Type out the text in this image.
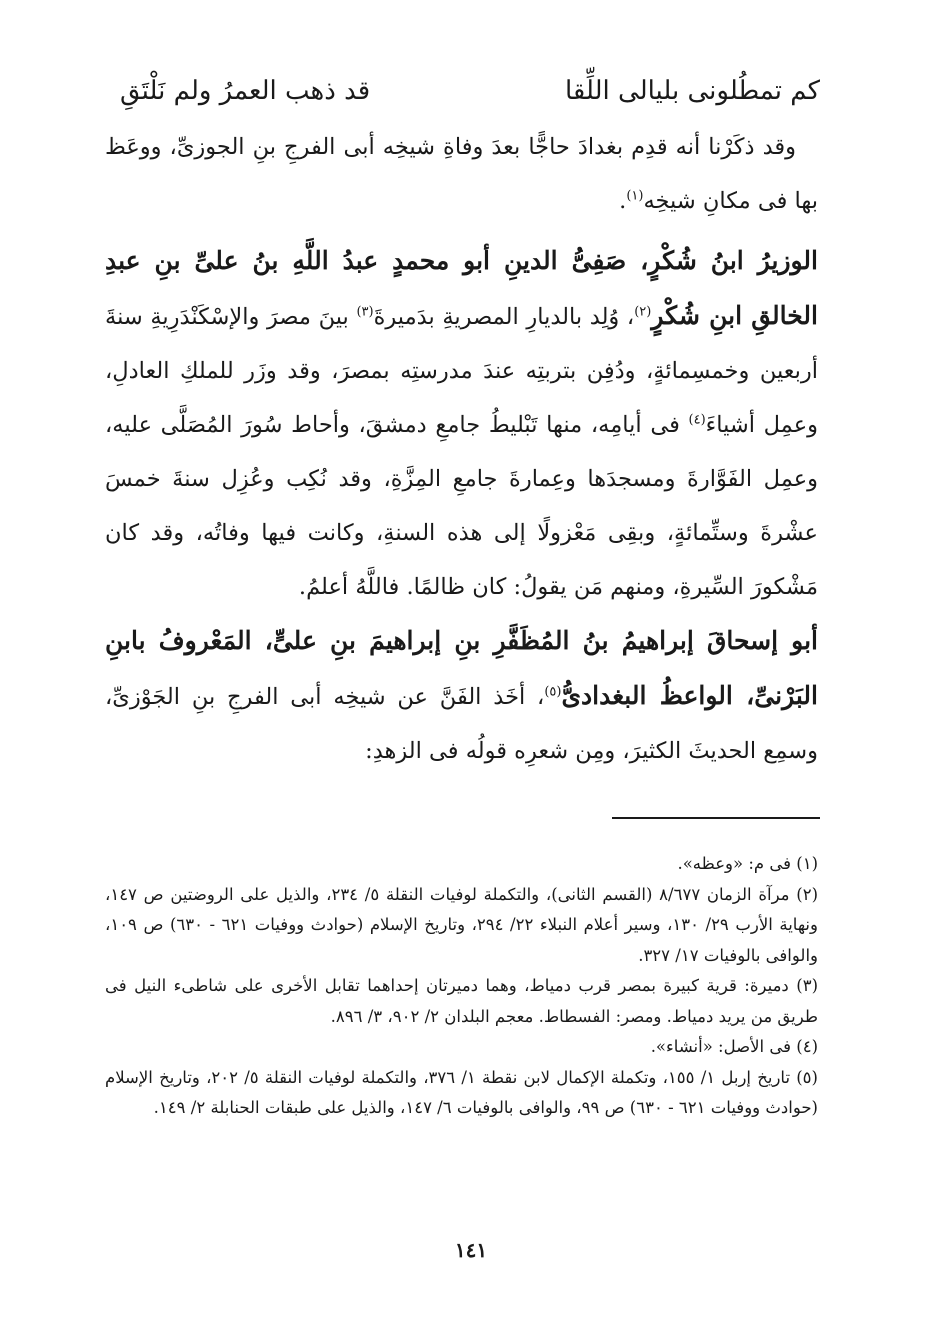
كم تمطُلونى بليالى اللِّقا
قد ذهب العمرُ ولم نَلْتَقِ

وقد ذكَرْنا أنه قدِم بغدادَ حاجًّا بعدَ وفاةِ شيخِه أبى الفرجِ بنِ الجوزىِّ، ووعَظ بها فى مكانِ شيخِه$^{(١)}$.

الوزيرُ ابنُ شُكْرٍ، صَفِىُّ الدينِ أبو محمدٍ عبدُ اللَّهِ بنُ علىِّ بنِ عبدِ الخالقِ ابنِ شُكْرٍ$^{(٢)}$، وُلِد بالديارِ المصريةِ بدَميرةَ$^{(٣)}$ بينَ مصرَ والإسْكَنْدَرِيةِ سنةَ أربعين وخمسِمائةٍ، ودُفِن بتربتِه عندَ مدرستِه بمصرَ، وقد وزَر للملكِ العادلِ، وعمِل أشياءَ$^{(٤)}$ فى أيامِه، منها تَبْليطُ جامعِ دمشقَ، وأحاط سُورَ المُصَلَّى عليه، وعمِل الفَوَّارةَ ومسجدَها وعِمارةَ جامعِ المِزَّةِ، وقد نُكِب وعُزِل سنةَ خمسَ عشْرةَ وستِّمائةٍ، وبقِى مَعْزولًا إلى هذه السنةِ، وكانت فيها وفاتُه، وقد كان مَشْكورَ السِّيرةِ، ومنهم مَن يقولُ: كان ظالمًا. فاللَّهُ أعلمُ.

أبو إسحاقَ إبراهيمُ بنُ المُظَفَّرِ بنِ إبراهيمَ بنِ علىٍّ، المَعْروفُ بابنِ البَرْنىِّ، الواعظُ البغدادىُّ$^{(٥)}$، أخَذ الفَنَّ عن شيخِه أبى الفرجِ بنِ الجَوْزىِّ، وسمِع الحديثَ الكثيرَ، ومِن شعرِه قولُه فى الزهدِ:

(١) فى م: «وعظه».

(٢) مرآة الزمان ٨/٦٧٧ (القسم الثانى)، والتكملة لوفيات النقلة ٥/ ٢٣٤، والذيل على الروضتين ص ١٤٧، ونهاية الأرب ٢٩/ ١٣٠، وسير أعلام النبلاء ٢٢/ ٢٩٤، وتاريخ الإسلام (حوادث ووفيات ٦٢١ - ٦٣٠) ص ١٠٩، والوافى بالوفيات ١٧/ ٣٢٧.

(٣) دميرة: قرية كبيرة بمصر قرب دمياط، وهما دميرتان إحداهما تقابل الأخرى على شاطىء النيل فى طريق من يريد دمياط. ومصر: الفسطاط. معجم البلدان ٢/ ٩٠٢، ٣/ ٨٩٦.

(٤) فى الأصل: «أنشاء».

(٥) تاريخ إربل ١/ ١٥٥، وتكملة الإكمال لابن نقطة ١/ ٣٧٦، والتكملة لوفيات النقلة ٥/ ٢٠٢، وتاريخ الإسلام (حوادث ووفيات ٦٢١ - ٦٣٠) ص ٩٩، والوافى بالوفيات ٦/ ١٤٧، والذيل على طبقات الحنابلة ٢/ ١٤٩.

١٤١
